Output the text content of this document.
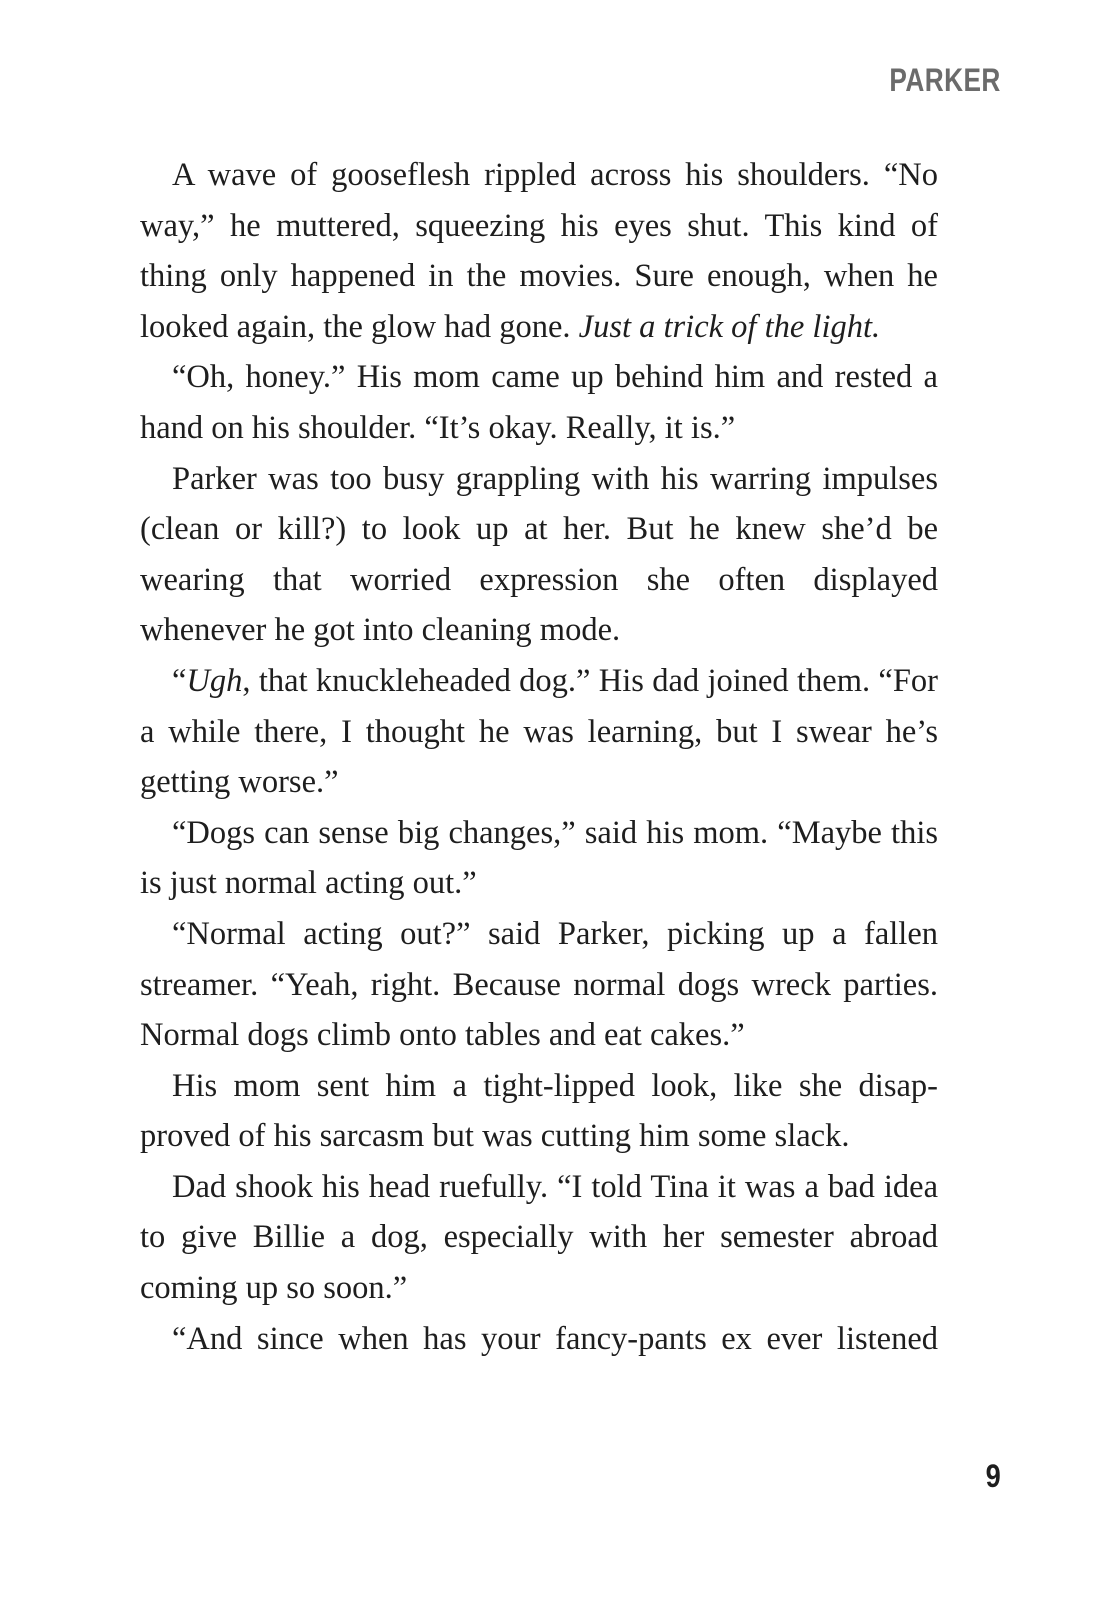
PARKER

A wave of gooseflesh rippled across his shoulders. “No way,” he muttered, squeezing his eyes shut. This kind of thing only happened in the movies. Sure enough, when he looked again, the glow had gone. Just a trick of the light.

“Oh, honey.” His mom came up behind him and rested a hand on his shoulder. “It’s okay. Really, it is.”

Parker was too busy grappling with his warring impulses (clean or kill?) to look up at her. But he knew she’d be wearing that worried expression she often displayed whenever he got into cleaning mode.

“Ugh, that knuckleheaded dog.” His dad joined them. “For a while there, I thought he was learning, but I swear he’s getting worse.”

“Dogs can sense big changes,” said his mom. “Maybe this is just normal acting out.”

“Normal acting out?” said Parker, picking up a fallen streamer. “Yeah, right. Because normal dogs wreck parties. Normal dogs climb onto tables and eat cakes.”

His mom sent him a tight-lipped look, like she disapproved of his sarcasm but was cutting him some slack.

Dad shook his head ruefully. “I told Tina it was a bad idea to give Billie a dog, especially with her semester abroad coming up so soon.”

“And since when has your fancy-pants ex ever listened

9
